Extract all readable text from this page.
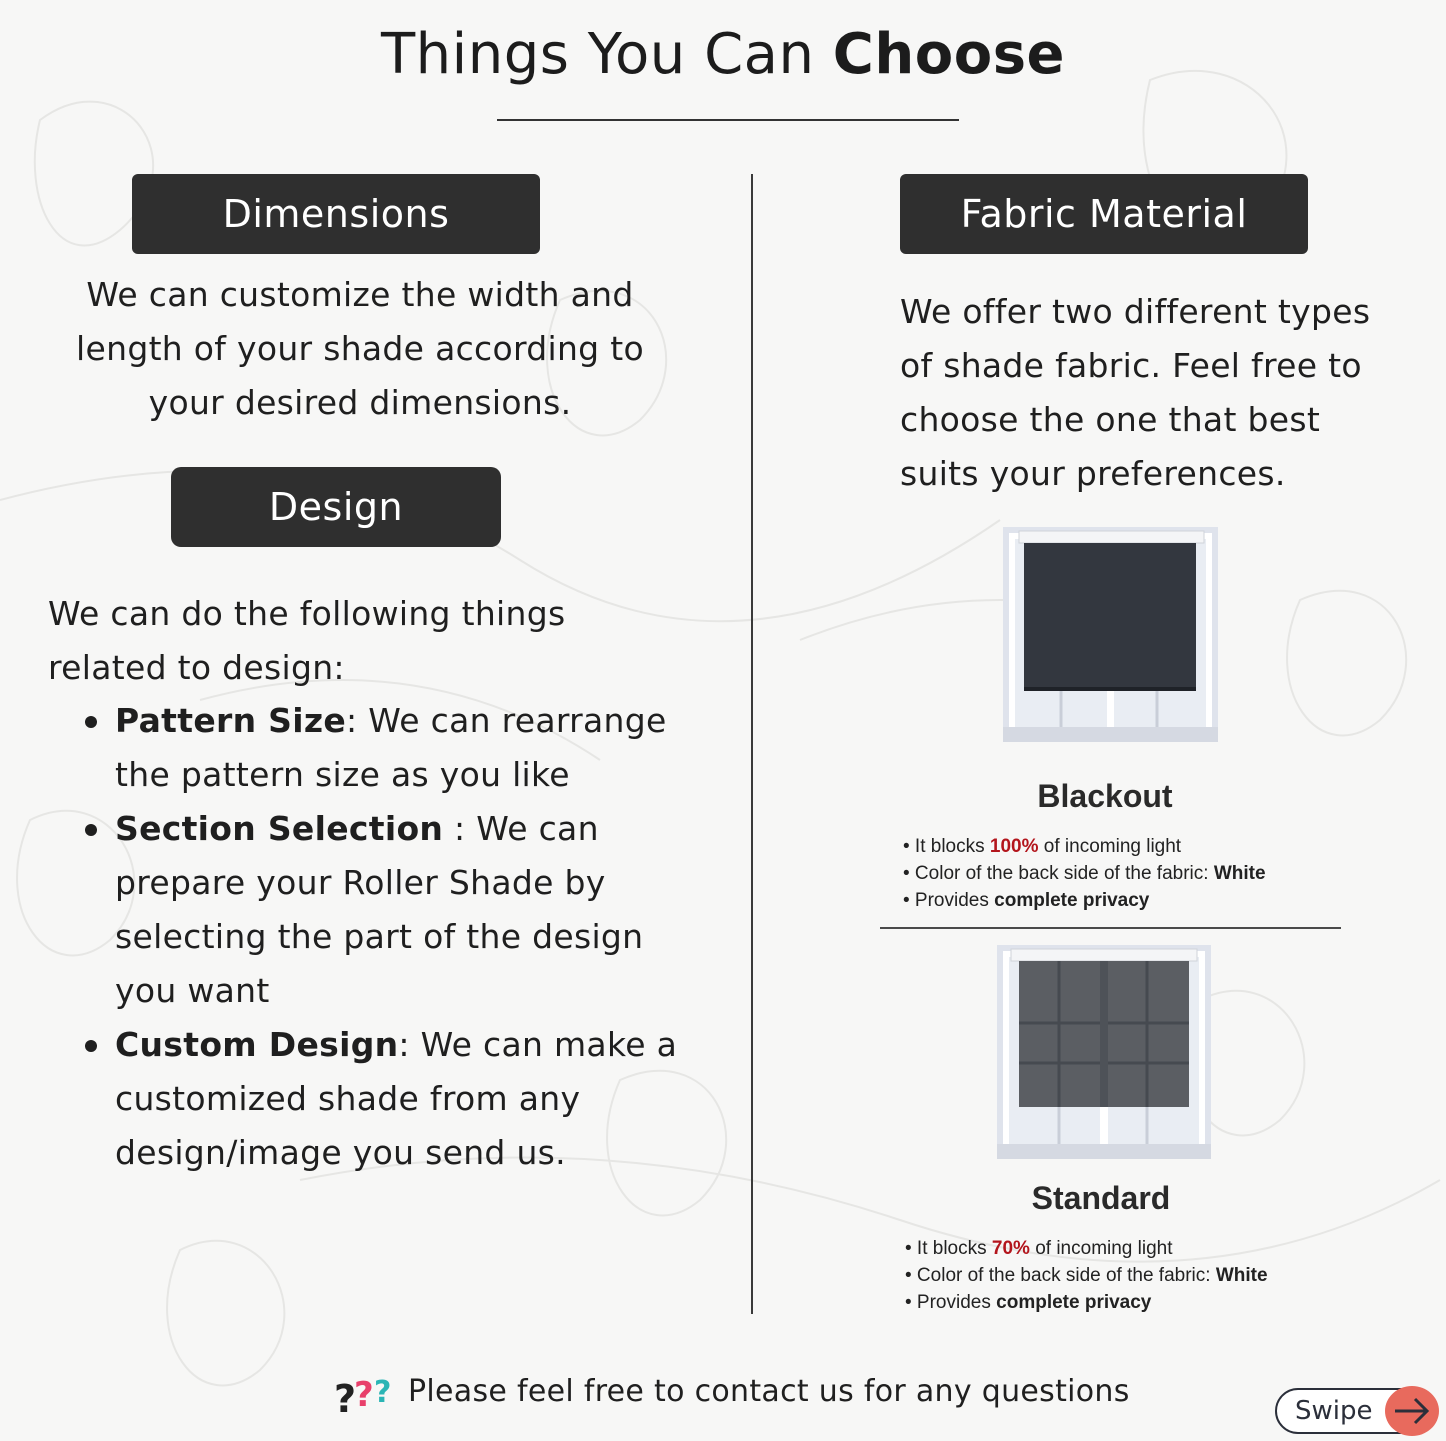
Things You Can Choose
Dimensions
We can customize the width and
length of your shade according to
your desired dimensions.
Design
We can do the following things
related to design:
Pattern Size: We can rearrange
the pattern size as you like
Section Selection : We can
prepare your Roller Shade by
selecting the part of the design
you want
Custom Design: We can make a
customized shade from any
design/image you send us.
Fabric Material
We offer two different types
of shade fabric. Feel free to
choose the one that best
suits your preferences.
Blackout
• It blocks 100% of incoming light
• Color of the back side of the fabric: White
• Provides complete privacy
Standard
• It blocks 70% of incoming light
• Color of the back side of the fabric: White
• Provides complete privacy
?
? ? Please feel free to contact us for any questions
Swipe
